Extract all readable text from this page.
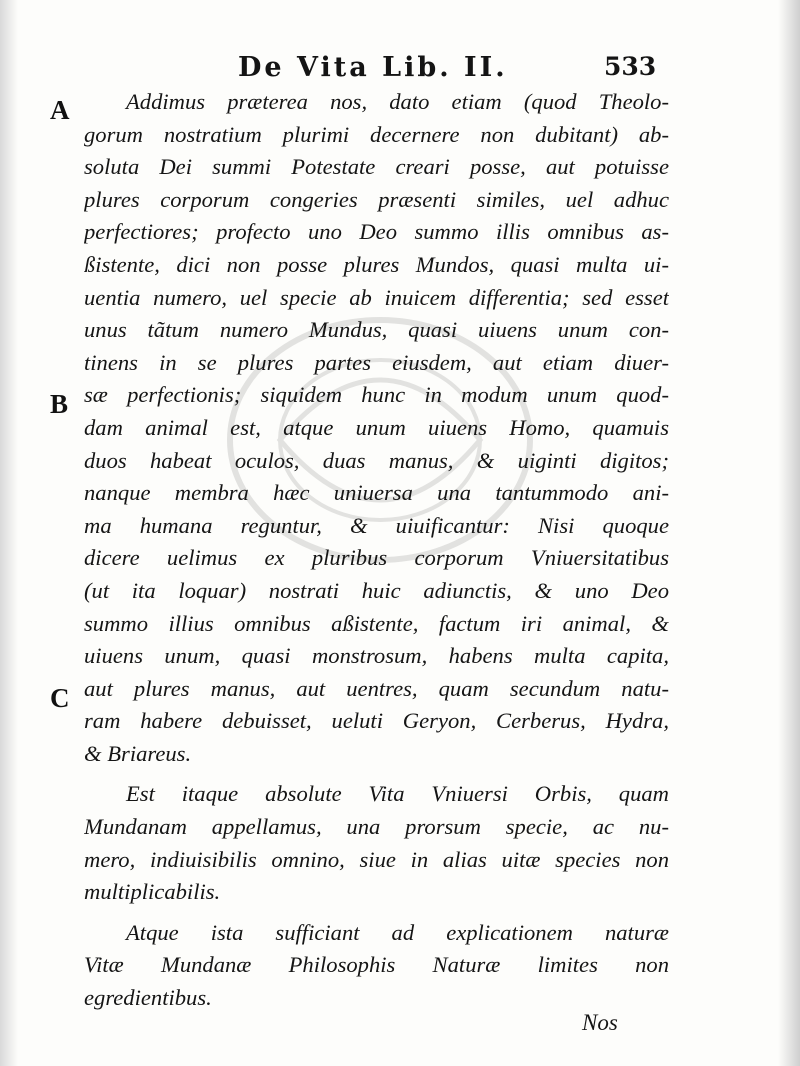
De Vita Lib. II.	533
A
B
C
Addimus præterea nos, dato etiam (quod Theolo-
gorum nostratium plurimi decernere non dubitant) ab-
soluta Dei summi Potestate creari posse, aut potuisse
plures corporum congeries præsenti similes, uel adhuc
perfectiores; profecto uno Deo summo illis omnibus as-
ßistente, dici non posse plures Mundos, quasi multa ui-
uentia numero, uel specie ab inuicem differentia; sed esset
unus tãtum numero Mundus, quasi uiuens unum con-
tinens in se plures partes eiusdem, aut etiam diuer-
sæ perfectionis; siquidem hunc in modum unum quod-
dam animal est, atque unum uiuens Homo, quamuis
duos habeat oculos, duas manus, & uiginti digitos;
nanque membra hæc uniuersa una tantummodo ani-
ma humana reguntur, & uiuificantur: Nisi quoque
dicere uelimus ex pluribus corporum Vniuersitatibus
(ut ita loquar) nostrati huic adiunctis, & uno Deo
summo illius omnibus aßistente, factum iri animal, &
uiuens unum, quasi monstrosum, habens multa capita,
aut plures manus, aut uentres, quam secundum natu-
ram habere debuisset, ueluti Geryon, Cerberus, Hydra,
& Briareus.
Est itaque absolute Vita Vniuersi Orbis, quam
Mundanam appellamus, una prorsum specie, ac nu-
mero, indiuisibilis omnino, siue in alias uitæ species non
multiplicabilis.
Atque ista sufficiant ad explicationem naturæ
Vitæ Mundanæ Philosophis Naturæ limites non
egredientibus.
Nos
